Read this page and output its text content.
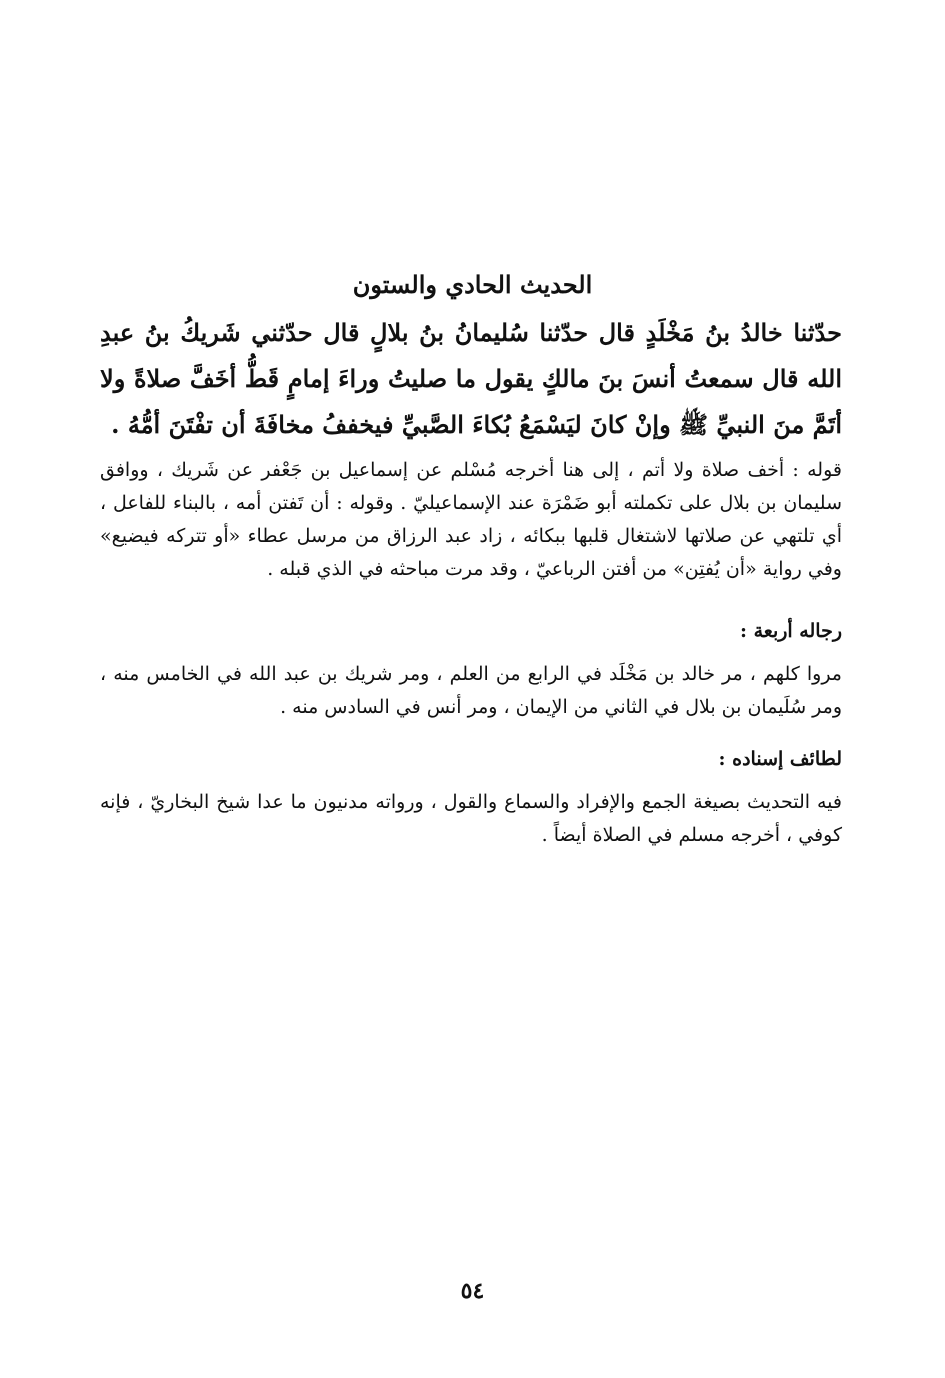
الحديث الحادي والستون
حدّثنا خالدُ بنُ مَخْلَدٍ قال حدّثنا سُليمانُ بنُ بلالٍ قال حدّثني شَريكُ بنُ عبدِ الله قال سمعتُ أنسَ بنَ مالكٍ يقول ما صليتُ وراءَ إمامٍ قَطُّ أخَفَّ صلاةً ولا أتَمَّ منَ النبيِّ ﷺ وإنْ كانَ ليَسْمَعُ بُكاءَ الصَّبيِّ فيخففُ مخافَةَ أن تفْتَنَ أمُّهُ .
قوله : أخف صلاة ولا أتم ، إلى هنا أخرجه مُسْلم عن إسماعيل بن جَعْفر عن شَريك ، ووافق سليمان بن بلال على تكملته أبو ضَمْرَة عند الإسماعيليّ . وقوله : أن تَفتن أمه ، بالبناء للفاعل ، أي تلتهي عن صلاتها لاشتغال قلبها ببكائه ، زاد عبد الرزاق من مرسل عطاء «أو تتركه فيضيع» وفي رواية «أن يُفتِن» من أفتن الرباعيّ ، وقد مرت مباحثه في الذي قبله .
رجاله أربعة :
مروا كلهم ، مر خالد بن مَخْلَد في الرابع من العلم ، ومر شريك بن عبد الله في الخامس منه ، ومر سُلَيمان بن بلال في الثاني من الإيمان ، ومر أنس في السادس منه .
لطائف إسناده :
فيه التحديث بصيغة الجمع والإفراد والسماع والقول ، ورواته مدنيون ما عدا شيخ البخاريّ ، فإنه كوفي ، أخرجه مسلم في الصلاة أيضاً .
٥٤
